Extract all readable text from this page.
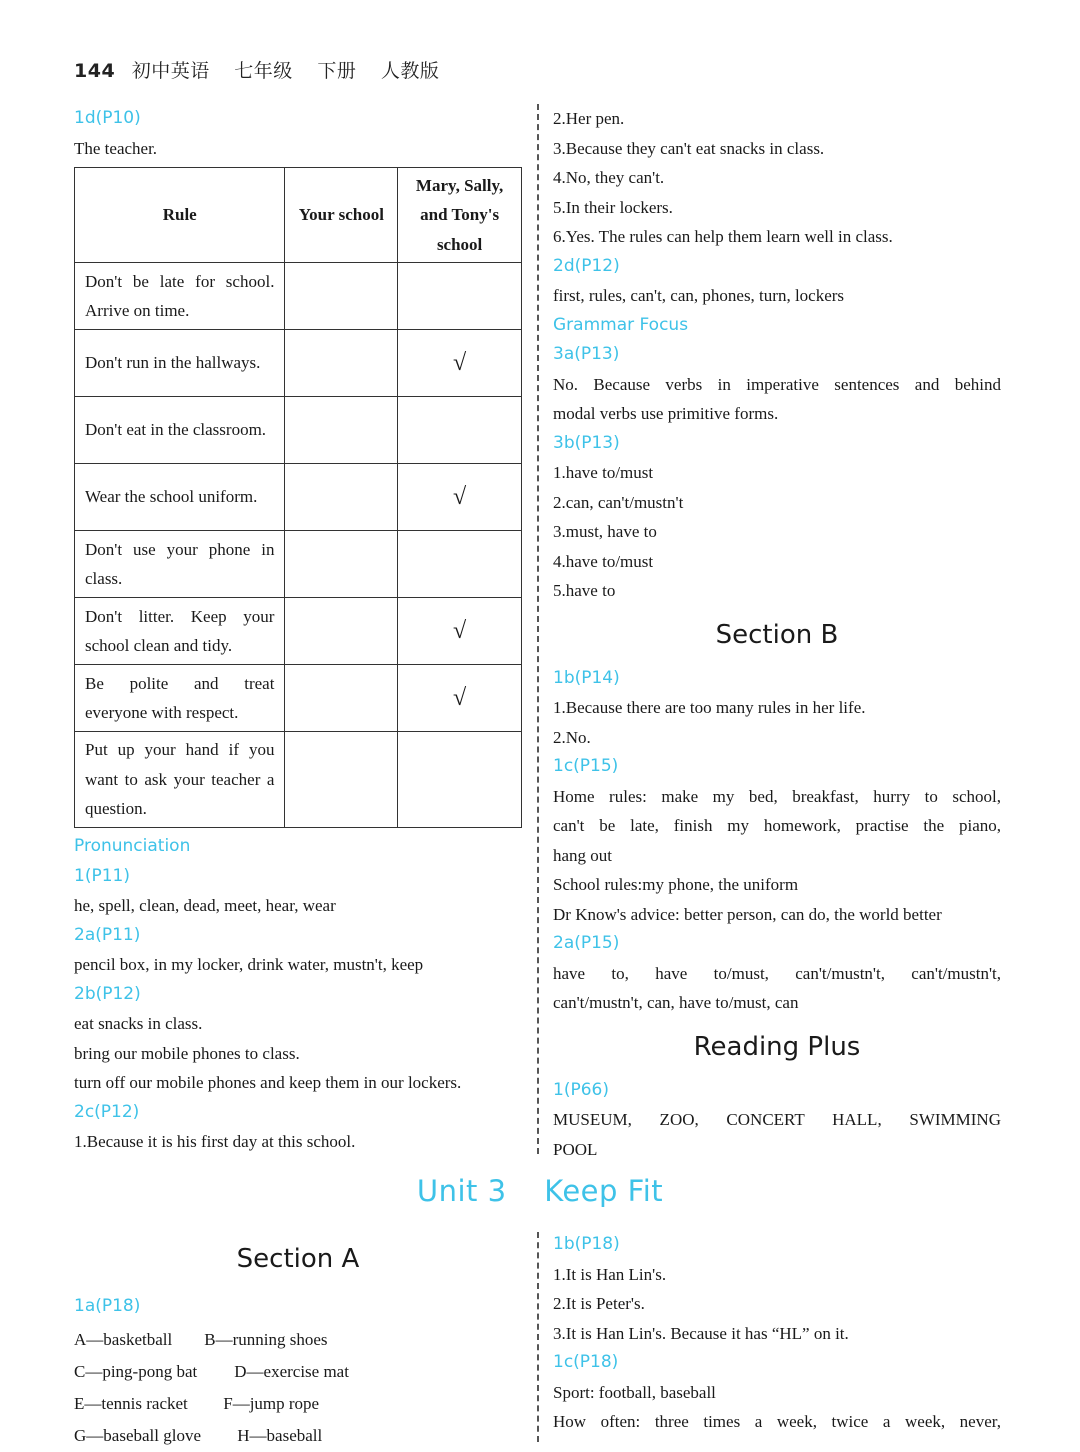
144 初中英语 七年级 下册 人教版
1d(P10)
The teacher.
Rule	Your school	Mary, Sally, and Tony's school
Don't be late for school. Arrive on time.		
Don't run in the hallways.		√
Don't eat in the classroom.		
Wear the school uniform.		√
Don't use your phone in class.		
Don't litter. Keep your school clean and tidy.		√
Be polite and treat everyone with respect.		√
Put up your hand if you want to ask your teacher a question.		
Pronunciation
1(P11)
he, spell, clean, dead, meet, hear, wear
2a(P11)
pencil box, in my locker, drink water, mustn't, keep
2b(P12)
eat snacks in class.
bring our mobile phones to class.
turn off our mobile phones and keep them in our lockers.
2c(P12)
1.Because it is his first day at this school.
2.Her pen.
3.Because they can't eat snacks in class.
4.No, they can't.
5.In their lockers.
6.Yes. The rules can help them learn well in class.
2d(P12)
first, rules, can't, can, phones, turn, lockers
Grammar Focus
3a(P13)
No. Because verbs in imperative sentences and behind
modal verbs use primitive forms.
3b(P13)
1.have to/must
2.can, can't/mustn't
3.must, have to
4.have to/must
5.have to
Section B
1b(P14)
1.Because there are too many rules in her life.
2.No.
1c(P15)
Home rules: make my bed, breakfast, hurry to school,
can't be late, finish my homework, practise the piano,
hang out
School rules:my phone, the uniform
Dr Know's advice: better person, can do, the world better
2a(P15)
have to, have to/must, can't/mustn't, can't/mustn't,
can't/mustn't, can, have to/must, can
Reading Plus
1(P66)
MUSEUM, ZOO, CONCERT HALL, SWIMMING
POOL
Unit 3 Keep Fit
Section A
1a(P18)
A—basketball B—running shoes
C—ping-pong bat D—exercise mat
E—tennis racket F—jump rope
G—baseball glove H—baseball
1b(P18)
1.It is Han Lin's.
2.It is Peter's.
3.It is Han Lin's. Because it has “HL” on it.
1c(P18)
Sport: football, baseball
How often: three times a week, twice a week, never,
